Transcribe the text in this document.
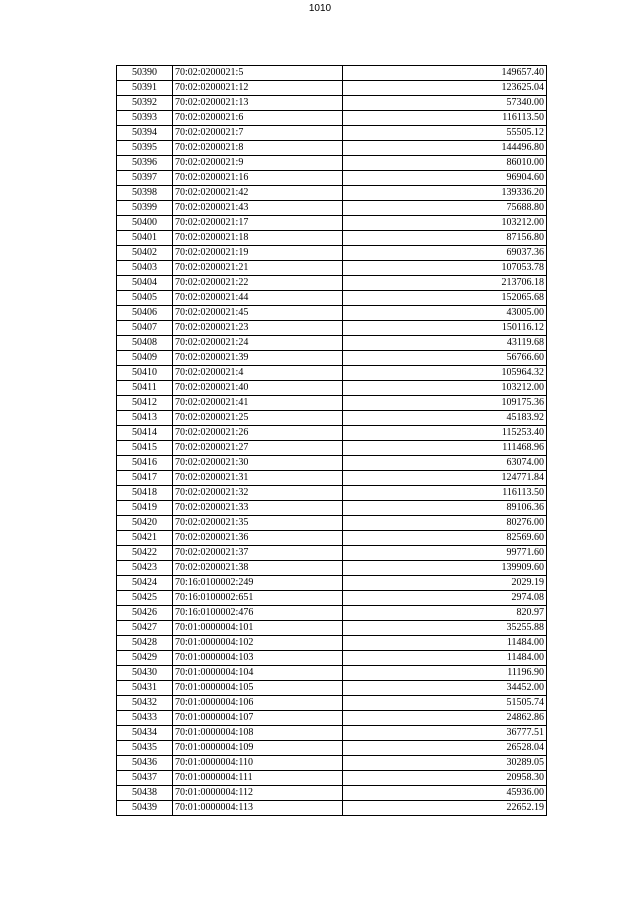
1010
50390	70:02:0200021:5	149657.40
50391	70:02:0200021:12	123625.04
50392	70:02:0200021:13	57340.00
50393	70:02:0200021:6	116113.50
50394	70:02:0200021:7	55505.12
50395	70:02:0200021:8	144496.80
50396	70:02:0200021:9	86010.00
50397	70:02:0200021:16	96904.60
50398	70:02:0200021:42	139336.20
50399	70:02:0200021:43	75688.80
50400	70:02:0200021:17	103212.00
50401	70:02:0200021:18	87156.80
50402	70:02:0200021:19	69037.36
50403	70:02:0200021:21	107053.78
50404	70:02:0200021:22	213706.18
50405	70:02:0200021:44	152065.68
50406	70:02:0200021:45	43005.00
50407	70:02:0200021:23	150116.12
50408	70:02:0200021:24	43119.68
50409	70:02:0200021:39	56766.60
50410	70:02:0200021:4	105964.32
50411	70:02:0200021:40	103212.00
50412	70:02:0200021:41	109175.36
50413	70:02:0200021:25	45183.92
50414	70:02:0200021:26	115253.40
50415	70:02:0200021:27	111468.96
50416	70:02:0200021:30	63074.00
50417	70:02:0200021:31	124771.84
50418	70:02:0200021:32	116113.50
50419	70:02:0200021:33	89106.36
50420	70:02:0200021:35	80276.00
50421	70:02:0200021:36	82569.60
50422	70:02:0200021:37	99771.60
50423	70:02:0200021:38	139909.60
50424	70:16:0100002:249	2029.19
50425	70:16:0100002:651	2974.08
50426	70:16:0100002:476	820.97
50427	70:01:0000004:101	35255.88
50428	70:01:0000004:102	11484.00
50429	70:01:0000004:103	11484.00
50430	70:01:0000004:104	11196.90
50431	70:01:0000004:105	34452.00
50432	70:01:0000004:106	51505.74
50433	70:01:0000004:107	24862.86
50434	70:01:0000004:108	36777.51
50435	70:01:0000004:109	26528.04
50436	70:01:0000004:110	30289.05
50437	70:01:0000004:111	20958.30
50438	70:01:0000004:112	45936.00
50439	70:01:0000004:113	22652.19
